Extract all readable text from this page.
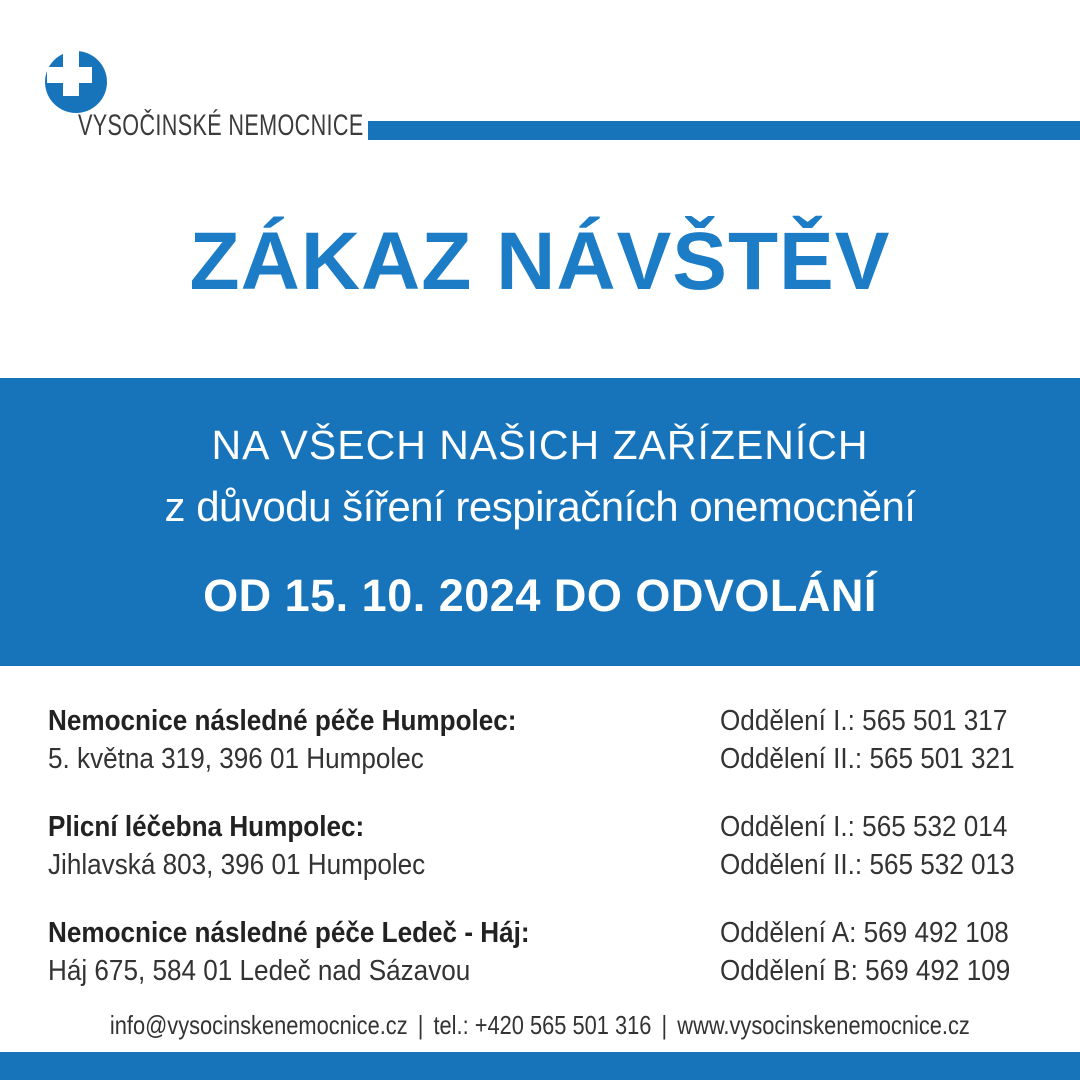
VYSOČINSKÉ NEMOCNICE
ZÁKAZ NÁVŠTĚV
NA VŠECH NAŠICH ZAŘÍZENÍCH
z důvodu šíření respiračních onemocnění
OD 15. 10. 2024 DO ODVOLÁNÍ
Nemocnice následné péče Humpolec:
5. května 319, 396 01 Humpolec
Oddělení I.: 565 501 317
Oddělení II.: 565 501 321
Plicní léčebna Humpolec:
Jihlavská 803, 396 01 Humpolec
Oddělení I.: 565 532 014
Oddělení II.: 565 532 013
Nemocnice následné péče Ledeč - Háj:
Háj 675, 584 01 Ledeč nad Sázavou
Oddělení A: 569 492 108
Oddělení B: 569 492 109
info@vysocinskenemocnice.cz | tel.: +420 565 501 316 | www.vysocinskenemocnice.cz
